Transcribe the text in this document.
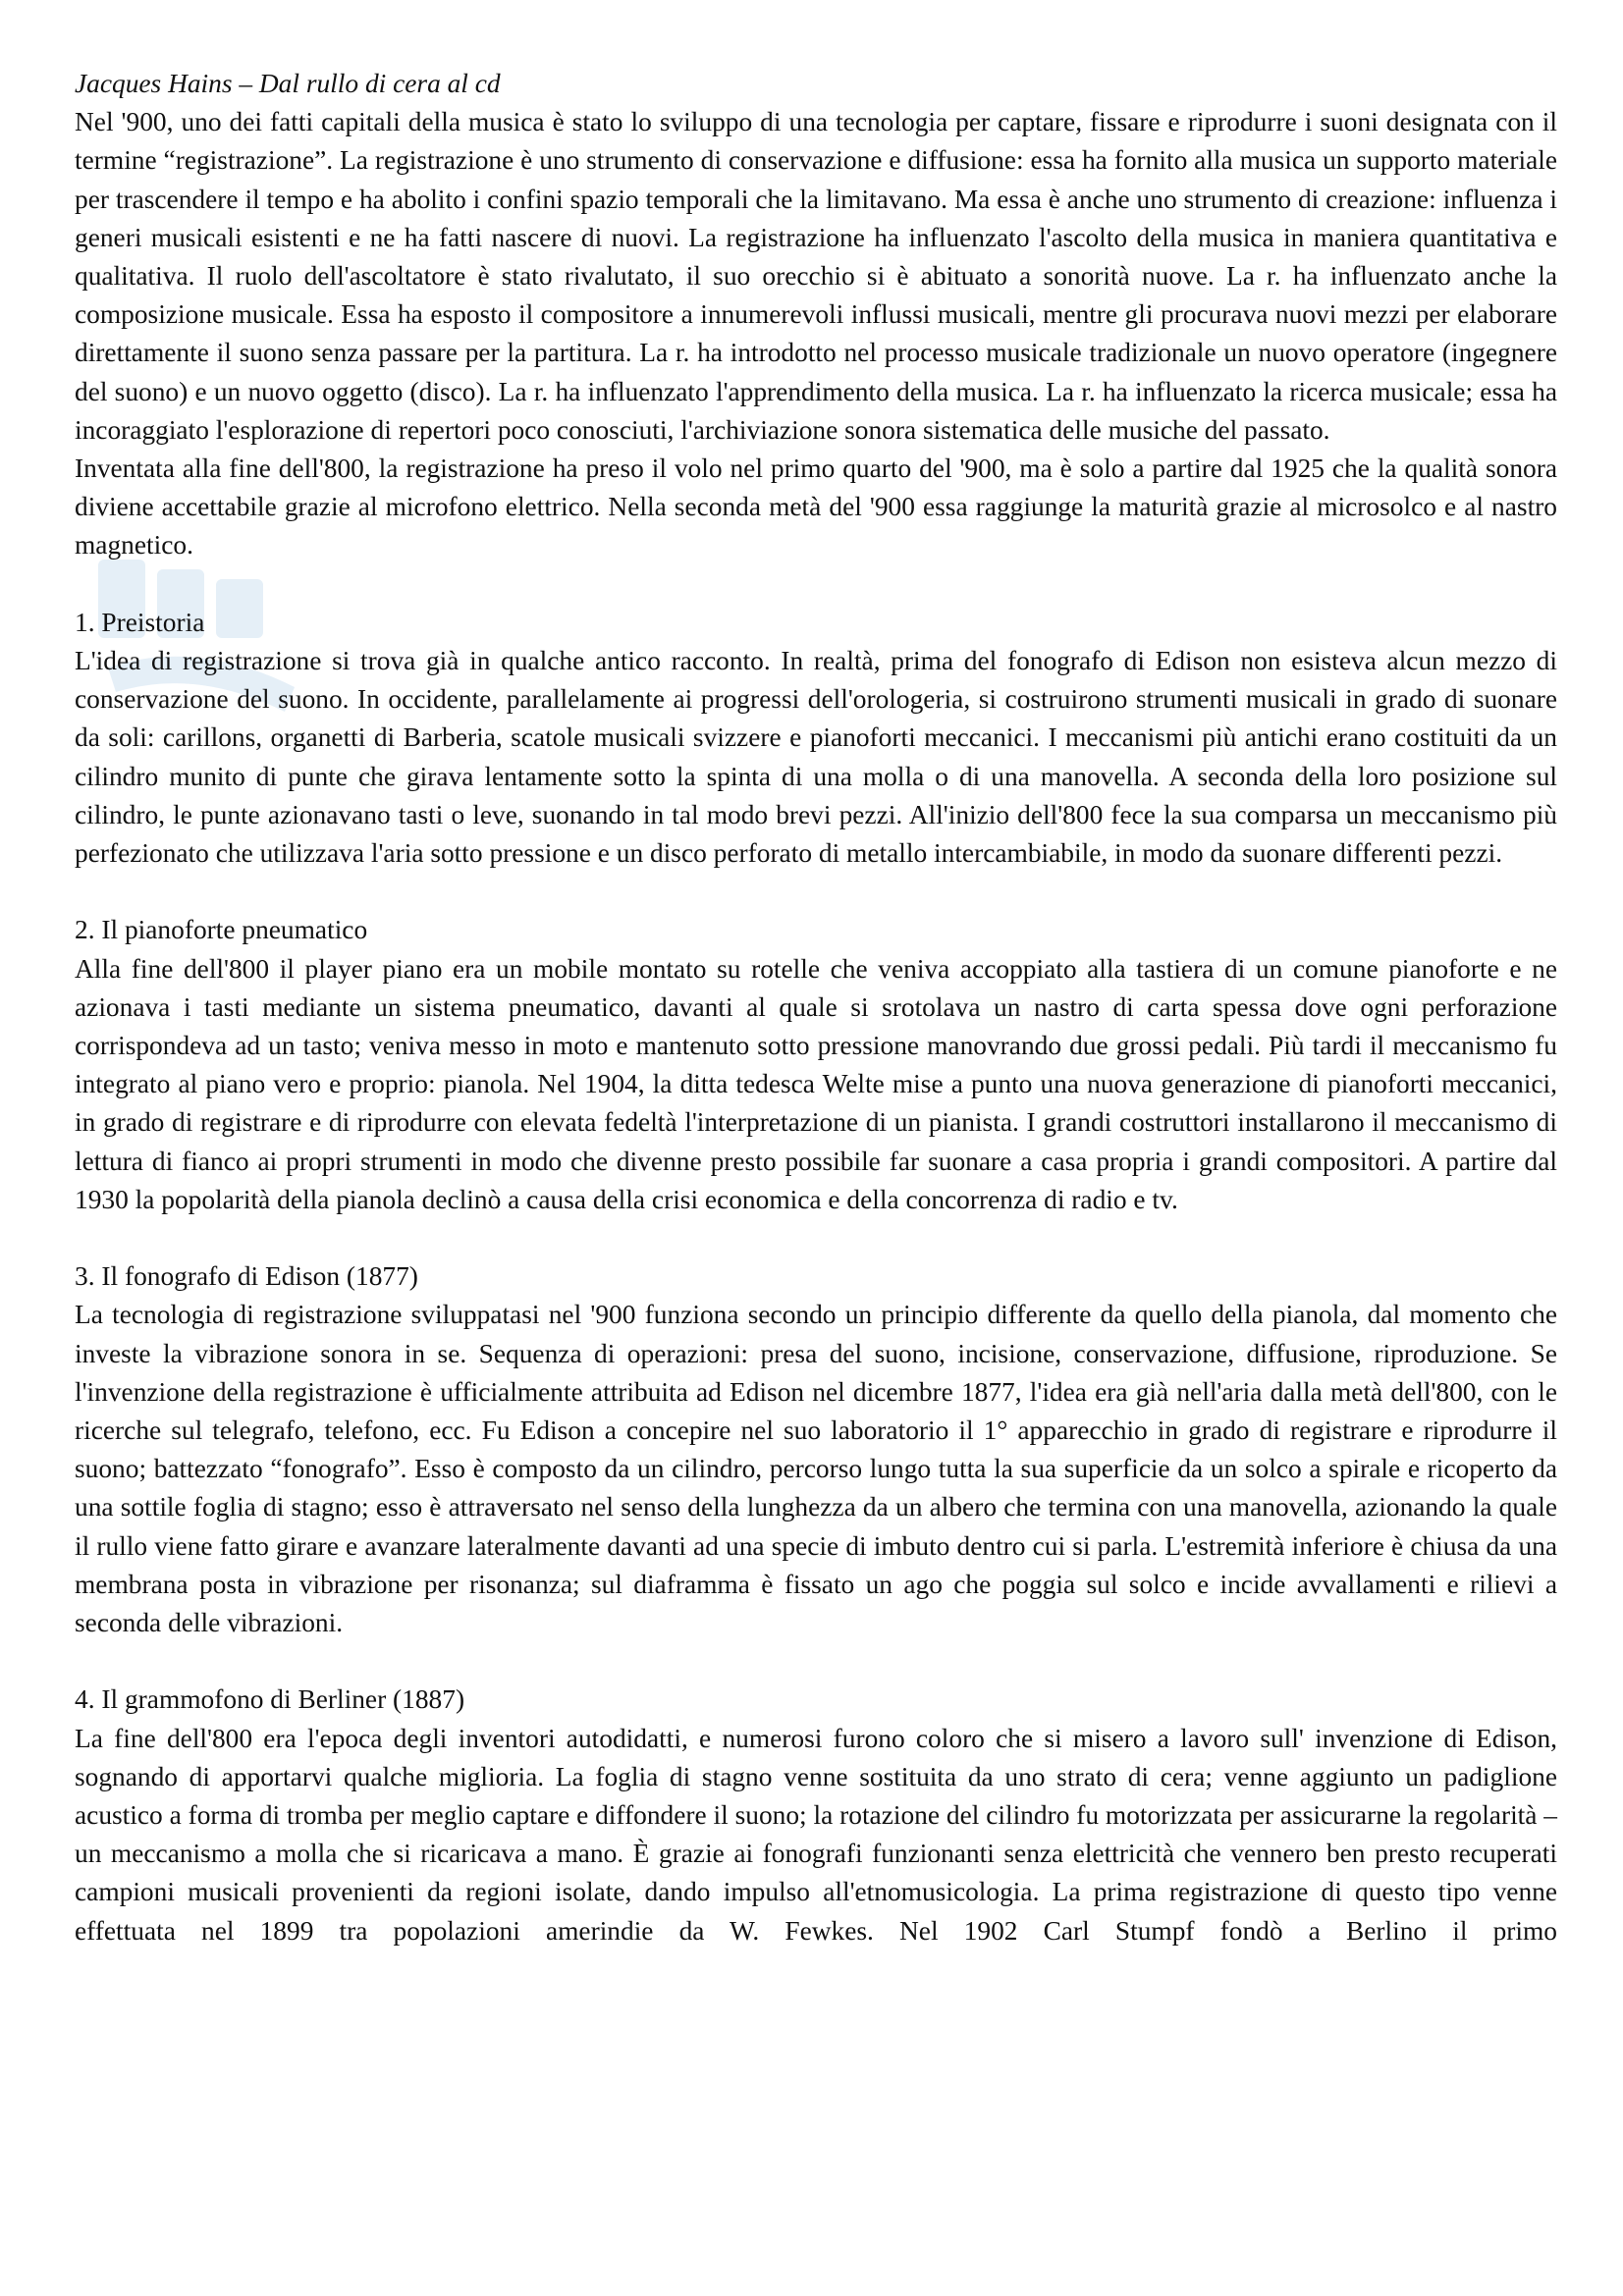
Jacques Hains – Dal rullo di cera al cd

Nel '900, uno dei fatti capitali della musica è stato lo sviluppo di una tecnologia per captare, fissare e riprodurre i suoni designata con il termine “registrazione”. La registrazione è uno strumento di conservazione e diffusione: essa ha fornito alla musica un supporto materiale per trascendere il tempo e ha abolito i confini spazio temporali che la limitavano. Ma essa è anche uno strumento di creazione: influenza i generi musicali esistenti e ne ha fatti nascere di nuovi. La registrazione ha influenzato l'ascolto della musica in maniera quantitativa e qualitativa. Il ruolo dell'ascoltatore è stato rivalutato, il suo orecchio si è abituato a sonorità nuove. La r. ha influenzato anche la composizione musicale. Essa ha esposto il compositore a innumerevoli influssi musicali, mentre gli procurava nuovi mezzi per elaborare direttamente il suono senza passare per la partitura. La r. ha introdotto nel processo musicale tradizionale un nuovo operatore (ingegnere del suono) e un nuovo oggetto (disco). La r. ha influenzato l'apprendimento della musica. La r. ha influenzato la ricerca musicale; essa ha incoraggiato l'esplorazione di repertori poco conosciuti, l'archiviazione sonora sistematica delle musiche del passato.

Inventata alla fine dell'800, la registrazione ha preso il volo nel primo quarto del '900, ma è solo a partire dal 1925 che la qualità sonora diviene accettabile grazie al microfono elettrico. Nella seconda metà del '900 essa raggiunge la maturità grazie al microsolco e al nastro magnetico.

1. Preistoria

L'idea di registrazione si trova già in qualche antico racconto. In realtà, prima del fonografo di Edison non esisteva alcun mezzo di conservazione del suono. In occidente, parallelamente ai progressi dell'orologeria, si costruirono strumenti musicali in grado di suonare da soli: carillons, organetti di Barberia, scatole musicali svizzere e pianoforti meccanici. I meccanismi più antichi erano costituiti da un cilindro munito di punte che girava lentamente sotto la spinta di una molla o di una manovella. A seconda della loro posizione sul cilindro, le punte azionavano tasti o leve, suonando in tal modo brevi pezzi. All'inizio dell'800 fece la sua comparsa un meccanismo più perfezionato che utilizzava l'aria sotto pressione e un disco perforato di metallo intercambiabile, in modo da suonare differenti pezzi.

2. Il pianoforte pneumatico

Alla fine dell'800 il player piano era un mobile montato su rotelle che veniva accoppiato alla tastiera di un comune pianoforte e ne azionava i tasti mediante un sistema pneumatico, davanti al quale si srotolava un nastro di carta spessa dove ogni perforazione corrispondeva ad un tasto; veniva messo in moto e mantenuto sotto pressione manovrando due grossi pedali. Più tardi il meccanismo fu integrato al piano vero e proprio: pianola. Nel 1904, la ditta tedesca Welte mise a punto una nuova generazione di pianoforti meccanici, in grado di registrare e di riprodurre con elevata fedeltà l'interpretazione di un pianista. I grandi costruttori installarono il meccanismo di lettura di fianco ai propri strumenti in modo che divenne presto possibile far suonare a casa propria i grandi compositori. A partire dal 1930 la popolarità della pianola declinò a causa della crisi economica e della concorrenza di radio e tv.

3. Il fonografo di Edison (1877)

La tecnologia di registrazione sviluppatasi nel '900 funziona secondo un principio differente da quello della pianola, dal momento che investe la vibrazione sonora in se. Sequenza di operazioni: presa del suono, incisione, conservazione, diffusione, riproduzione. Se l'invenzione della registrazione è ufficialmente attribuita ad Edison nel dicembre 1877, l'idea era già nell'aria dalla metà dell'800, con le ricerche sul telegrafo, telefono, ecc. Fu Edison a concepire nel suo laboratorio il 1° apparecchio in grado di registrare e riprodurre il suono; battezzato “fonografo”. Esso è composto da un cilindro, percorso lungo tutta la sua superficie da un solco a spirale e ricoperto da una sottile foglia di stagno; esso è attraversato nel senso della lunghezza da un albero che termina con una manovella, azionando la quale il rullo viene fatto girare e avanzare lateralmente davanti ad una specie di imbuto dentro cui si parla. L'estremità inferiore è chiusa da una membrana posta in vibrazione per risonanza; sul diaframma è fissato un ago che poggia sul solco e incide avvallamenti e rilievi a seconda delle vibrazioni.

4. Il grammofono di Berliner (1887)

La fine dell'800 era l'epoca degli inventori autodidatti, e numerosi furono coloro che si misero a lavoro sull' invenzione di Edison, sognando di apportarvi qualche miglioria. La foglia di stagno venne sostituita da uno strato di cera; venne aggiunto un padiglione acustico a forma di tromba per meglio captare e diffondere il suono; la rotazione del cilindro fu motorizzata per assicurarne la regolarità – un meccanismo a molla che si ricaricava a mano. È grazie ai fonografi funzionanti senza elettricità che vennero ben presto recuperati campioni musicali provenienti da regioni isolate, dando impulso all'etnomusicologia. La prima registrazione di questo tipo venne effettuata nel 1899 tra popolazioni amerindie da W. Fewkes. Nel 1902 Carl Stumpf fondò a Berlino il primo
